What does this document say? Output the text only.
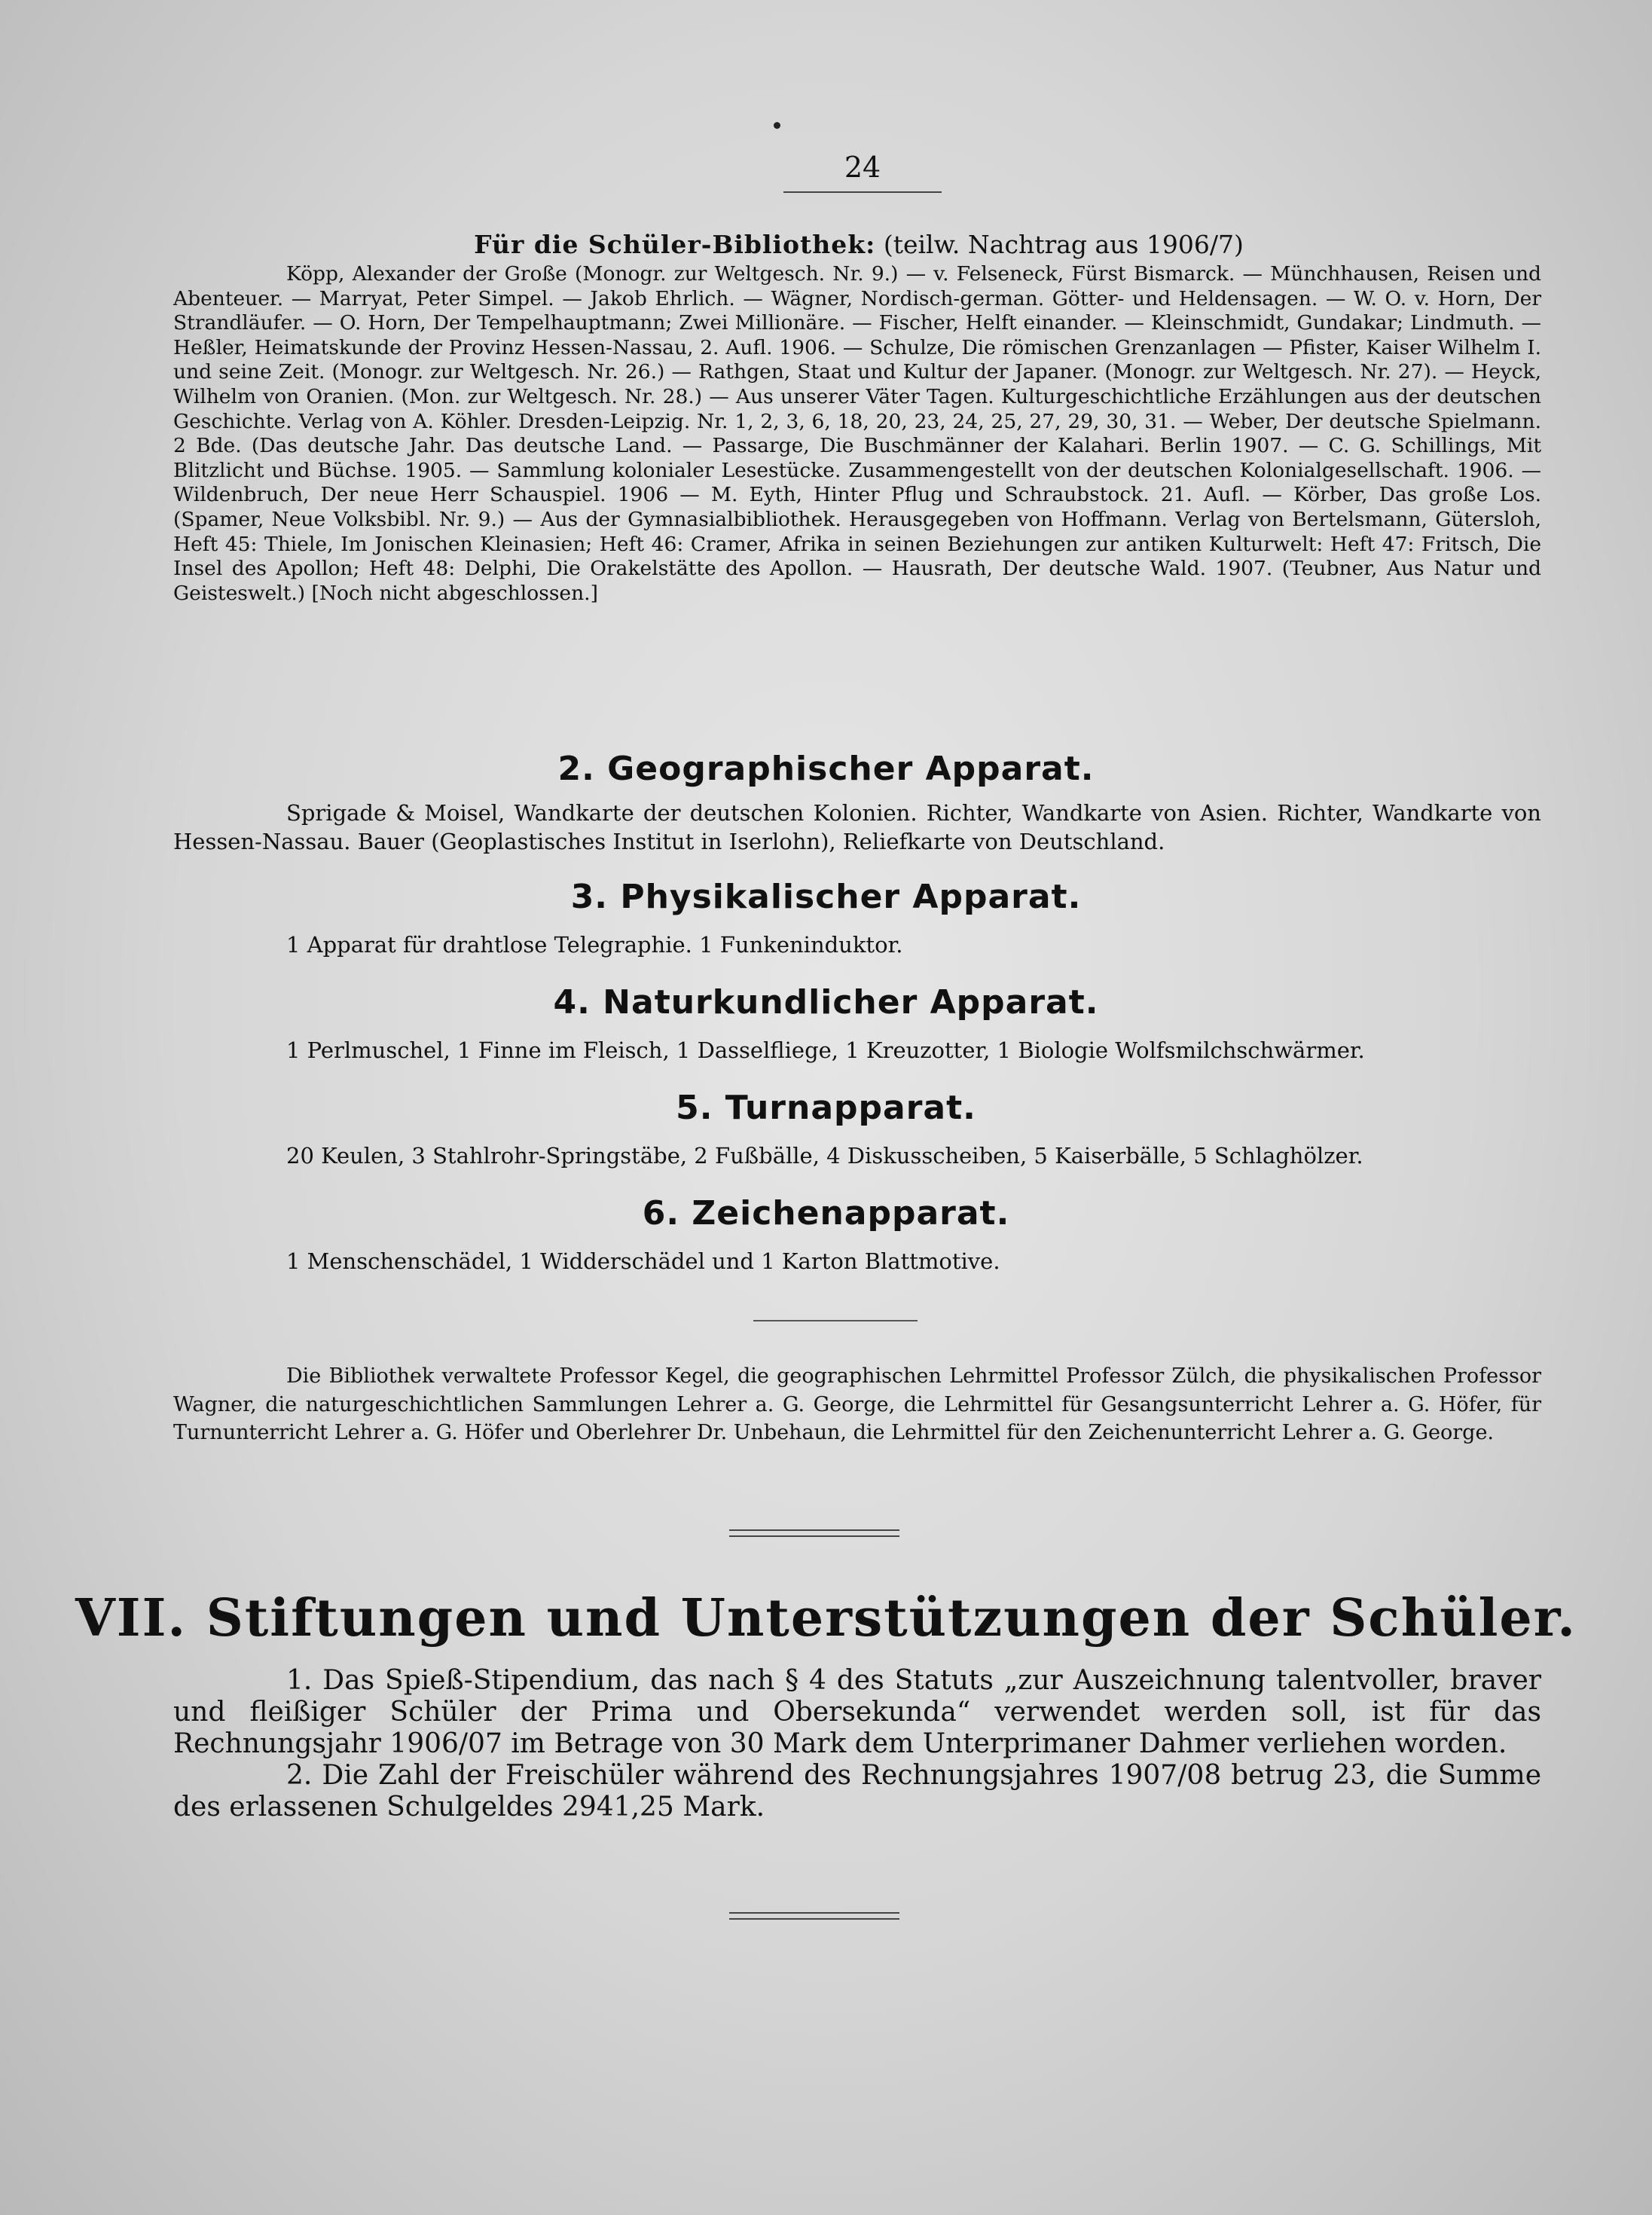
24
Für die Schüler-Bibliothek: (teilw. Nachtrag aus 1906/7)
Köpp, Alexander der Große (Monogr. zur Weltgesch. Nr. 9.) — v. Felseneck, Fürst Bismarck. — Münchhausen, Reisen und Abenteuer. — Marryat, Peter Simpel. — Jakob Ehrlich. — Wägner, Nordisch-german. Götter- und Heldensagen. — W. O. v. Horn, Der Strandläufer. — O. Horn, Der Tempelhauptmann; Zwei Millionäre. — Fischer, Helft einander. — Kleinschmidt, Gundakar; Lindmuth. — Heßler, Heimatskunde der Provinz Hessen-Nassau, 2. Aufl. 1906. — Schulze, Die römischen Grenzanlagen — Pfister, Kaiser Wilhelm I. und seine Zeit. (Monogr. zur Weltgesch. Nr. 26.) — Rathgen, Staat und Kultur der Japaner. (Monogr. zur Weltgesch. Nr. 27). — Heyck, Wilhelm von Oranien. (Mon. zur Weltgesch. Nr. 28.) — Aus unserer Väter Tagen. Kulturgeschichtliche Erzählungen aus der deutschen Geschichte. Verlag von A. Köhler. Dresden-Leipzig. Nr. 1, 2, 3, 6, 18, 20, 23, 24, 25, 27, 29, 30, 31. — Weber, Der deutsche Spielmann. 2 Bde. (Das deutsche Jahr. Das deutsche Land. — Passarge, Die Buschmänner der Kalahari. Berlin 1907. — C. G. Schillings, Mit Blitzlicht und Büchse. 1905. — Sammlung kolonialer Lesestücke. Zusammengestellt von der deutschen Kolonialgesellschaft. 1906. — Wildenbruch, Der neue Herr Schauspiel. 1906 — M. Eyth, Hinter Pflug und Schraubstock. 21. Aufl. — Körber, Das große Los. (Spamer, Neue Volksbibl. Nr. 9.) — Aus der Gymnasialbibliothek. Herausgegeben von Hoffmann. Verlag von Bertelsmann, Gütersloh, Heft 45: Thiele, Im Jonischen Kleinasien; Heft 46: Cramer, Afrika in seinen Beziehungen zur antiken Kulturwelt: Heft 47: Fritsch, Die Insel des Apollon; Heft 48: Delphi, Die Orakelstätte des Apollon. — Hausrath, Der deutsche Wald. 1907. (Teubner, Aus Natur und Geisteswelt.) [Noch nicht abgeschlossen.]
2. Geographischer Apparat.
Sprigade & Moisel, Wandkarte der deutschen Kolonien. Richter, Wandkarte von Asien. Richter, Wandkarte von Hessen-Nassau. Bauer (Geoplastisches Institut in Iserlohn), Reliefkarte von Deutschland.
3. Physikalischer Apparat.
1 Apparat für drahtlose Telegraphie. 1 Funkeninduktor.
4. Naturkundlicher Apparat.
1 Perlmuschel, 1 Finne im Fleisch, 1 Dasselfliege, 1 Kreuzotter, 1 Biologie Wolfsmilchschwärmer.
5. Turnapparat.
20 Keulen, 3 Stahlrohr-Springstäbe, 2 Fußbälle, 4 Diskusscheiben, 5 Kaiserbälle, 5 Schlaghölzer.
6. Zeichenapparat.
1 Menschenschädel, 1 Widderschädel und 1 Karton Blattmotive.
Die Bibliothek verwaltete Professor Kegel, die geographischen Lehrmittel Professor Zülch, die physikalischen Professor Wagner, die naturgeschichtlichen Sammlungen Lehrer a. G. George, die Lehrmittel für Gesangsunterricht Lehrer a. G. Höfer, für Turnunterricht Lehrer a. G. Höfer und Oberlehrer Dr. Unbehaun, die Lehrmittel für den Zeichenunterricht Lehrer a. G. George.
VII. Stiftungen und Unterstützungen der Schüler.

1. Das Spieß-Stipendium, das nach § 4 des Statuts „zur Auszeichnung talentvoller, braver und fleißiger Schüler der Prima und Obersekunda“ verwendet werden soll, ist für das Rechnungsjahr 1906/07 im Betrage von 30 Mark dem Unterprimaner Dahmer verliehen worden.

2. Die Zahl der Freischüler während des Rechnungsjahres 1907/08 betrug 23, die Summe des erlassenen Schulgeldes 2941,25 Mark.
